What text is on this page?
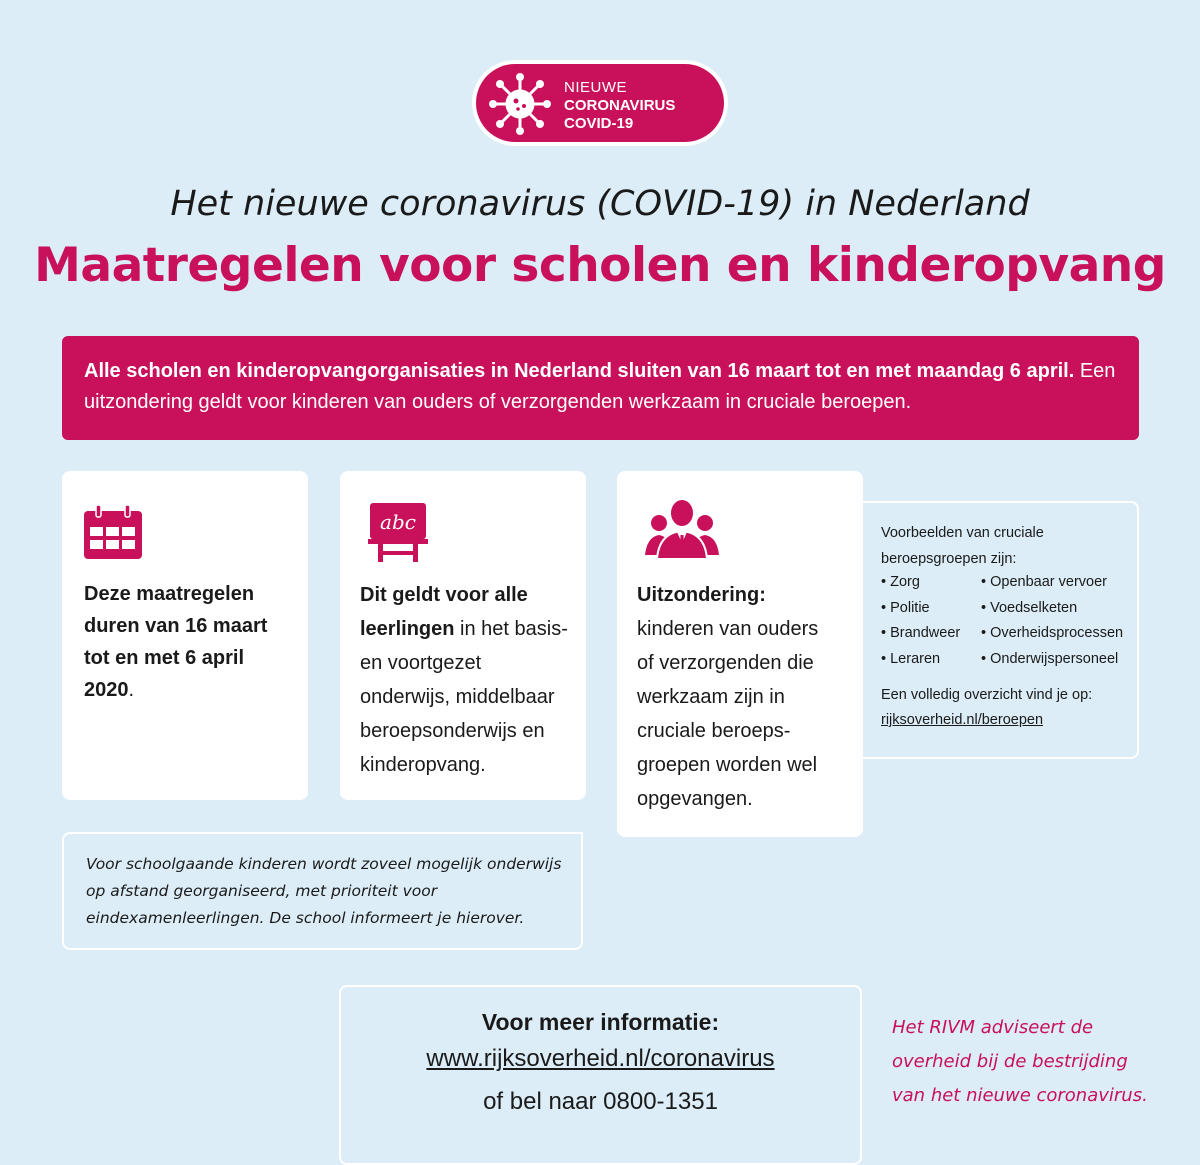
NIEUWE
CORONAVIRUS
COVID-19
Het nieuwe coronavirus (COVID-19) in Nederland
Maatregelen voor scholen en kinderopvang
Alle scholen en kinderopvangorganisaties in Nederland sluiten van 16 maart tot en met maandag 6 april. Een uitzondering geldt voor kinderen van ouders of verzorgenden werkzaam in cruciale beroepen.
Deze maatregelen duren van 16 maart tot en met 6 april 2020.
abc
Dit geldt voor alle leerlingen in het basis- en voortgezet onderwijs, middelbaar beroepsonderwijs en kinderopvang.
Uitzondering:
kinderen van ouders of verzorgenden die werkzaam zijn in cruciale beroeps-groepen worden wel opgevangen.
Voorbeelden van cruciale beroepsgroepen zijn:
• Zorg
• Politie
• Brandweer
• Leraren
• Openbaar vervoer
• Voedselketen
• Overheidsprocessen
• Onderwijspersoneel
Een volledig overzicht vind je op:
rijksoverheid.nl/beroepen
Voor schoolgaande kinderen wordt zoveel mogelijk onderwijs op afstand georganiseerd, met prioriteit voor eindexamenleerlingen. De school informeert je hierover.
Voor meer informatie:
www.rijksoverheid.nl/coronavirus
of bel naar 0800-1351
Het RIVM adviseert de overheid bij de bestrijding van het nieuwe coronavirus.
